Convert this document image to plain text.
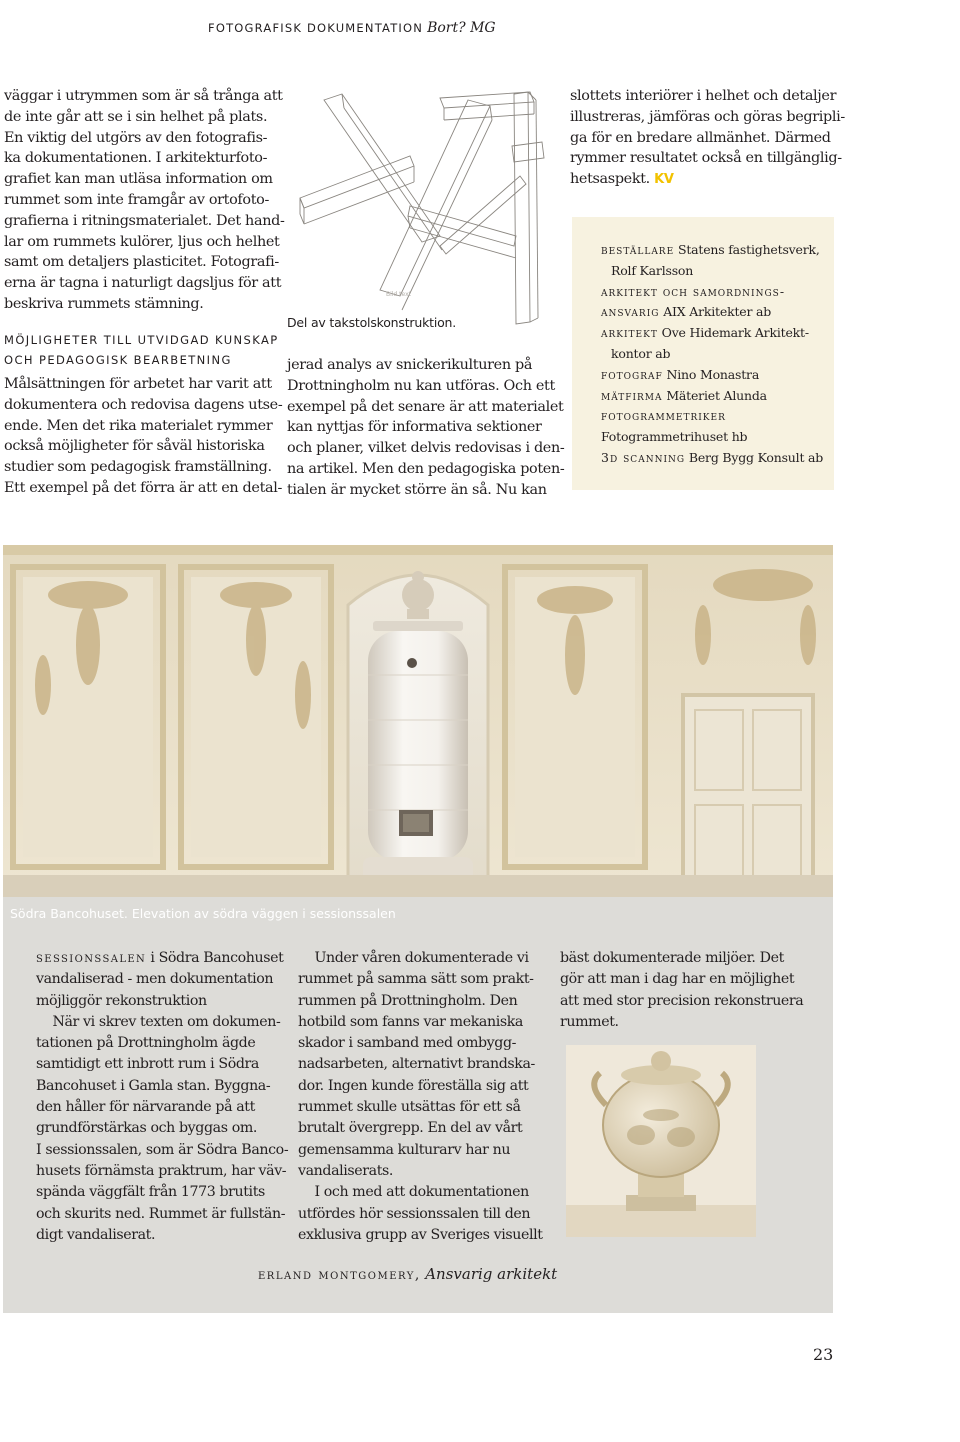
FOTOGRAFISK DOKUMENTATION Bort? MG

väggar i utrymmen som är så trånga att

de inte går att se i sin helhet på plats.

En viktig del utgörs av den fotografis-

ka dokumentationen. I arkitekturfoto-

grafiet kan man utläsa information om

rummet som inte framgår av ortofoto-

grafierna i ritningsmaterialet. Det hand-

lar om rummets kulörer, ljus och helhet

samt om detaljers plasticitet. Fotografi-

erna är tagna i naturligt dagsljus för att

beskriva rummets stämning.

MÖJLIGHETER TILL UTVIDGAD KUNSKAP
OCH PEDAGOGISK BEARBETNING

Målsättningen för arbetet har varit att

dokumentera och redovisa dagens utse-

ende. Men det rika materialet rymmer

också möjligheter för såväl historiska

studier som pedagogisk framställning.

Ett exempel på det förra är att en detal-

Bild text
Del av takstolskonstruktion.

jerad analys av snickerikulturen på

Drottningholm nu kan utföras. Och ett

exempel på det senare är att materialet

kan nyttjas för informativa sektioner

och planer, vilket delvis redovisas i den-

na artikel. Men den pedagogiska poten-

tialen är mycket större än så. Nu kan

slottets interiörer i helhet och detaljer

illustreras, jämföras och göras begripli-

ga för en bredare allmänhet. Därmed

rymmer resultatet också en tillgänglig-

hetsaspekt. KV

beställare Statens fastighetsverk,
Rolf Karlsson
arkitekt och samordnings-
ansvarig AIX Arkitekter ab
arkitekt Ove Hidemark Arkitekt-
kontor ab
fotograf Nino Monastra
mätfirma Mäteriet Alunda
fotogrammetriker
Fotogrammetrihuset hb
3d scanning Berg Bygg Konsult ab
Södra Bancohuset. Elevation av södra väggen i sessionssalen

sessionssalen i Södra Bancohuset

vandaliserad - men dokumentation

möjliggör rekonstruktion

När vi skrev texten om dokumen-

tationen på Drottningholm ägde

samtidigt ett inbrott rum i Södra

Bancohuset i Gamla stan. Byggna-

den håller för närvarande på att

grundförstärkas och byggas om.

I sessionssalen, som är Södra Banco-

husets förnämsta praktrum, har väv-

spända väggfält från 1773 brutits

och skurits ned. Rummet är fullstän-

digt vandaliserat.

Under våren dokumenterade vi

rummet på samma sätt som prakt-

rummen på Drottningholm. Den

hotbild som fanns var mekaniska

skador i samband med ombygg-

nadsarbeten, alternativt brandska-

dor. Ingen kunde föreställa sig att

rummet skulle utsättas för ett så

brutalt övergrepp. En del av vårt

gemensamma kulturarv har nu

vandaliserats.

I och med att dokumentationen

utfördes hör sessionssalen till den

exklusiva grupp av Sveriges visuellt

bäst dokumenterade miljöer. Det

gör att man i dag har en möjlighet

att med stor precision rekonstruera

rummet.

erland montgomery, Ansvarig arkitekt
23
